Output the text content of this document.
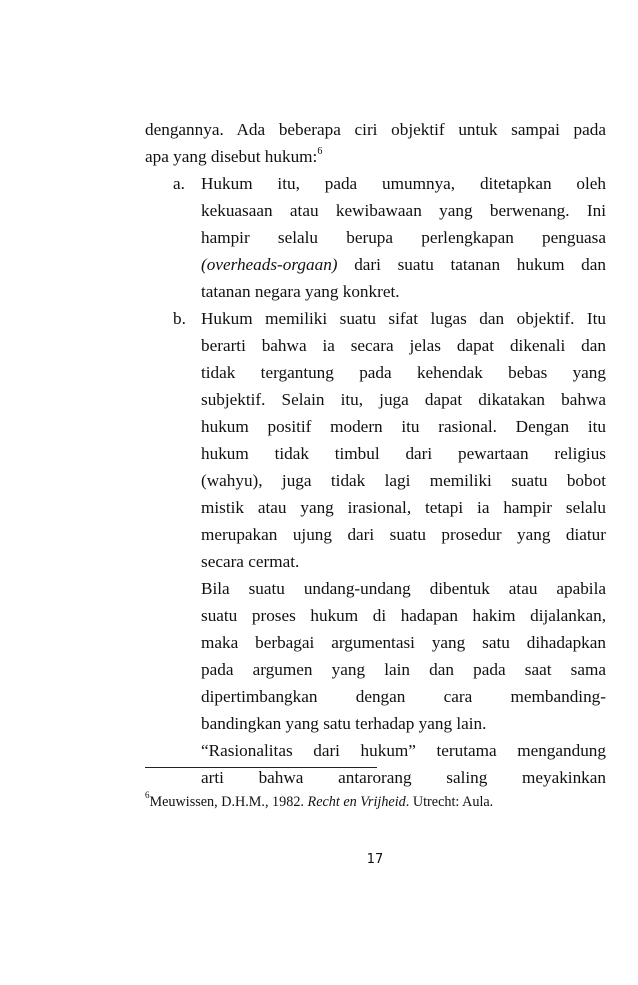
dengannya. Ada beberapa ciri objektif untuk sampai pada
apa yang disebut hukum:$^6$
a. Hukum itu, pada umumnya, ditetapkan oleh
kekuasaan atau kewibawaan yang berwenang. Ini
hampir selalu berupa perlengkapan penguasa
(overheads-orgaan) dari suatu tatanan hukum dan
tatanan negara yang konkret.
b. Hukum memiliki suatu sifat lugas dan objektif. Itu
berarti bahwa ia secara jelas dapat dikenali dan
tidak tergantung pada kehendak bebas yang
subjektif. Selain itu, juga dapat dikatakan bahwa
hukum positif modern itu rasional. Dengan itu
hukum tidak timbul dari pewartaan religius
(wahyu), juga tidak lagi memiliki suatu bobot
mistik atau yang irasional, tetapi ia hampir selalu
merupakan ujung dari suatu prosedur yang diatur
secara cermat.
Bila suatu undang-undang dibentuk atau apabila
suatu proses hukum di hadapan hakim dijalankan,
maka berbagai argumentasi yang satu dihadapkan
pada argumen yang lain dan pada saat sama
dipertimbangkan dengan cara membanding-
bandingkan yang satu terhadap yang lain.
“Rasionalitas dari hukum” terutama mengandung
arti bahwa antarorang saling meyakinkan
$^6$Meuwissen, D.H.M., 1982. Recht en Vrijheid. Utrecht: Aula.
17
